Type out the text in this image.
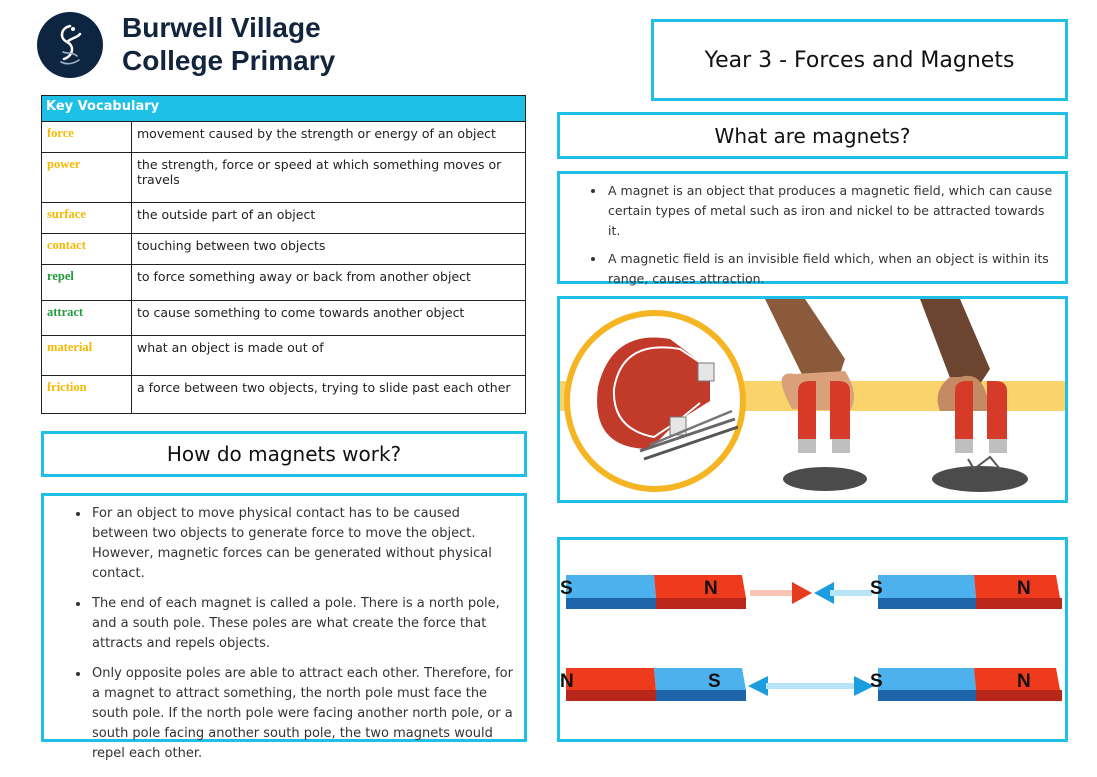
Burwell Village
College Primary	Year 3 - Forces and Magnets
Key Vocabulary	
force	movement caused by the strength or energy of an object
power	the strength, force or speed at which something moves or travels
surface	the outside part of an object
contact	touching between two objects
repel	to force something away or back from another object
attract	to cause something to come towards another object
material	what an object is made out of
friction	a force between two objects, trying to slide past each other
How do magnets work?
• For an object to move physical contact has to be caused between two objects to generate force to move the object. However, magnetic forces can be generated without physical contact.
• The end of each magnet is called a pole. There is a north pole, and a south pole. These poles are what create the force that attracts and repels objects.
• Only opposite poles are able to attract each other. Therefore, for a magnet to attract something, the north pole must face the south pole. If the north pole were facing another north pole, or a south pole facing another south pole, the two magnets would repel each other.
What are magnets?
• A magnet is an object that produces a magnetic field, which can cause certain types of metal such as iron and nickel to be attracted towards it.
• A magnetic field is an invisible field which, when an object is within its range, causes attraction.
S	N	S	N
N	S	S	N
